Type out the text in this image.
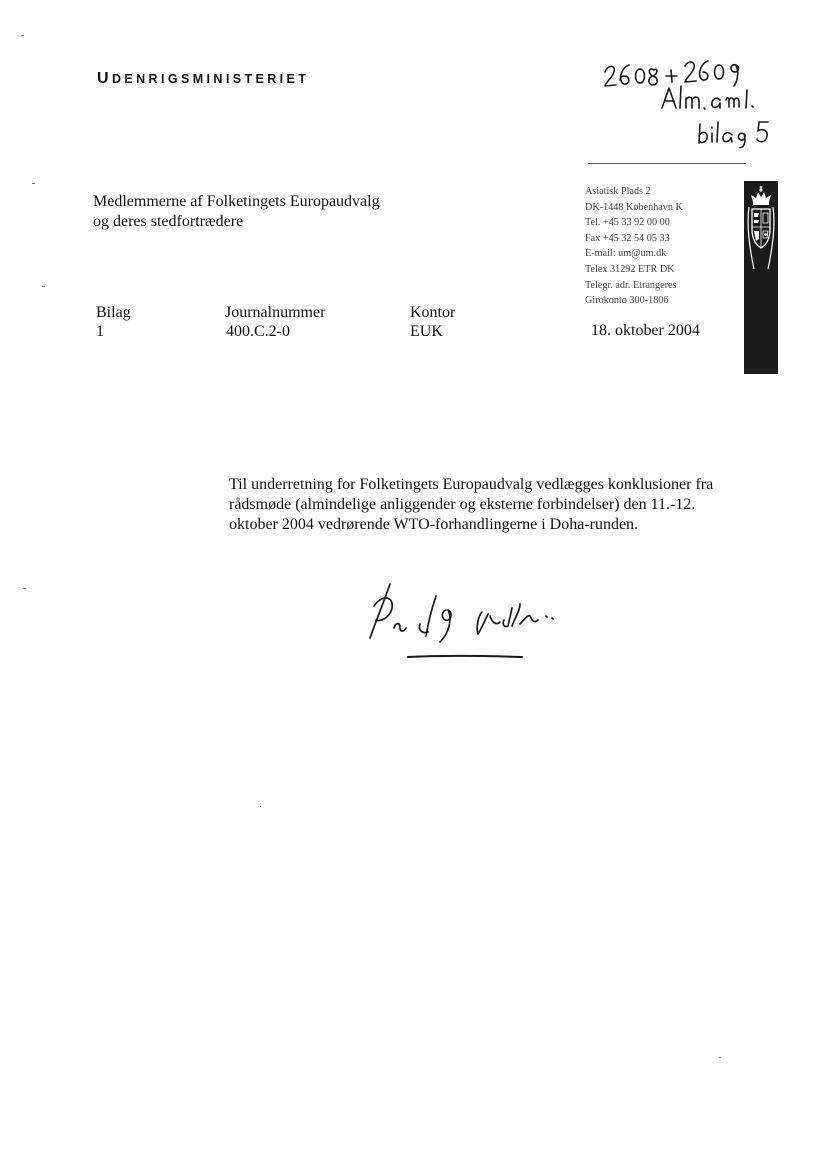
UDENRIGSMINISTERIET
Medlemmerne af Folketingets Europaudvalg
og deres stedfortrædere
Asiatisk Plads 2
DK-1448 København K
Tel. +45 33 92 00 00
Fax +45 32 54 05 33
E-mail: um@um.dk
Telex 31292 ETR DK
Telegr. adr. Etrangeres
Girokonto 300-1806
Bilag
1
Journalnummer
400.C.2-0
Kontor
EUK	18. oktober 2004

Til underretning for Folketingets Europaudvalg vedlægges konklusioner fra

rådsmøde (almindelige anliggender og eksterne forbindelser) den 11.-12.

oktober 2004 vedrørende WTO-forhandlingerne i Doha-runden.
